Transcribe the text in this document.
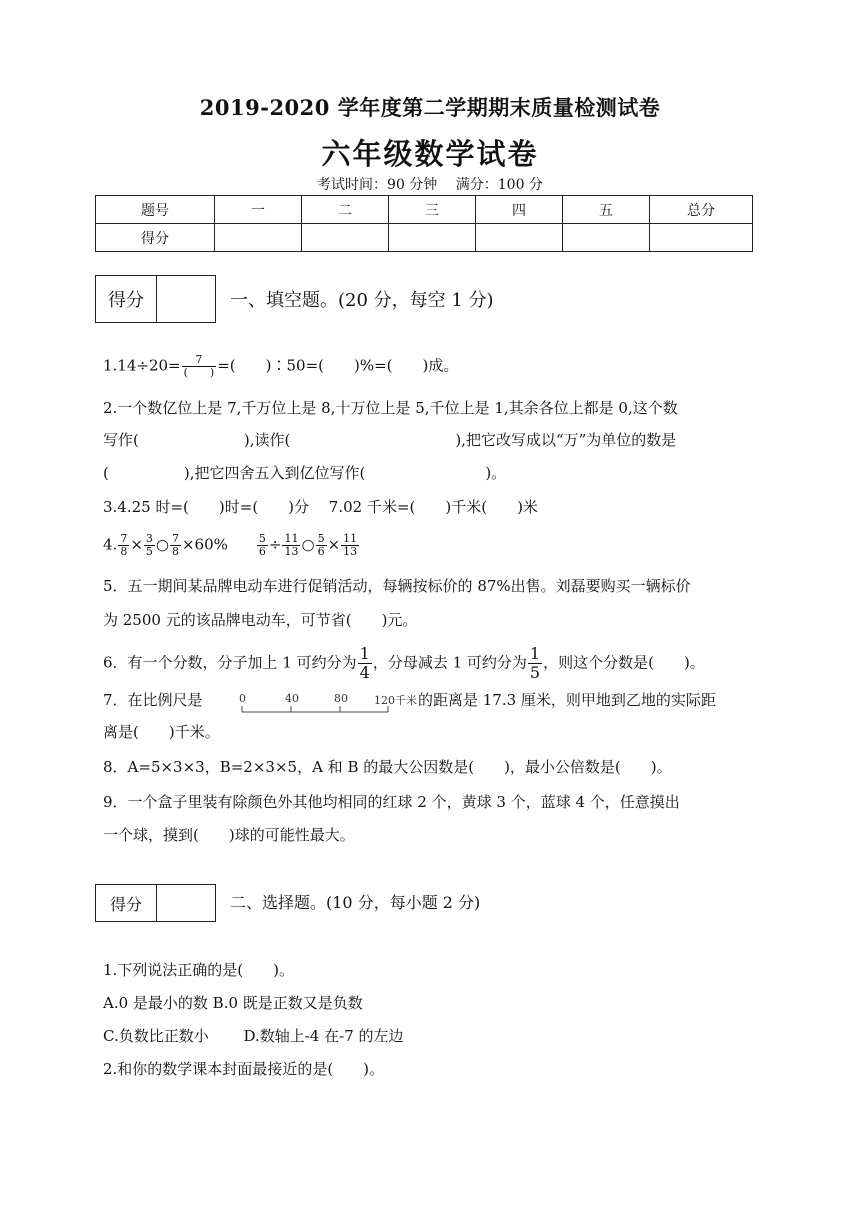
2019-2020 学年度第二学期期末质量检测试卷
六年级数学试卷
考试时间：90 分钟　 满分：100 分
题号	一	二	三	四	五	总分
得分						
得分	一、填空题。(20 分，每空 1 分)
$1.14\div 20= \frac{7}{( )}$ =(　　)∶50=(　　)%=(　　)成。
2.一个数亿位上是 7,千万位上是 8,十万位上是 5,千位上是 1,其余各位上都是 0,这个数
写作(　　　　　　　),读作(　　　　　　　　　　　),把它改写成以“万”为单位的数是
(　　　　　),把它四舍五入到亿位写作(　　　　　　　　)。
3.4.25 时=(　　)时=(　　)分　 7.02 千米=(　　)千米(　　)米
4. $\frac{7}{8} \times \frac{3}{5}$ ○ $\frac{7}{8} \times 60\%$	$\frac{5}{6} \div \frac{11}{13}$ ○ $\frac{5}{6} \times \frac{11}{13}$
5．五一期间某品牌电动车进行促销活动，每辆按标价的 87%出售。刘磊要购买一辆标价
为 2500 元的该品牌电动车，可节省(　　)元。
6．有一个分数，分子加上 1 可约分为 $\frac{1}{4}$ ，分母减去 1 可约分为 $\frac{1}{5}$ ，则这个分数是(　　)。
7．在比例尺是	的距离是 17.3 厘米，则甲地到乙地的实际距
0	40	80 120千米
离是(　　)千米。
8．A=5×3×3，B=2×3×5，A 和 B 的最大公因数是(　　)，最小公倍数是(　　)。
9．一个盒子里装有除颜色外其他均相同的红球 2 个，黄球 3 个，蓝球 4 个，任意摸出
一个球，摸到(　　)球的可能性最大。
得分	二、选择题。(10 分，每小题 2 分)
1.下列说法正确的是(　　)。
A.0 是最小的数 B.0 既是正数又是负数
C.负数比正数小　　 D.数轴上-4 在-7 的左边
2.和你的数学课本封面最接近的是(　　)。
